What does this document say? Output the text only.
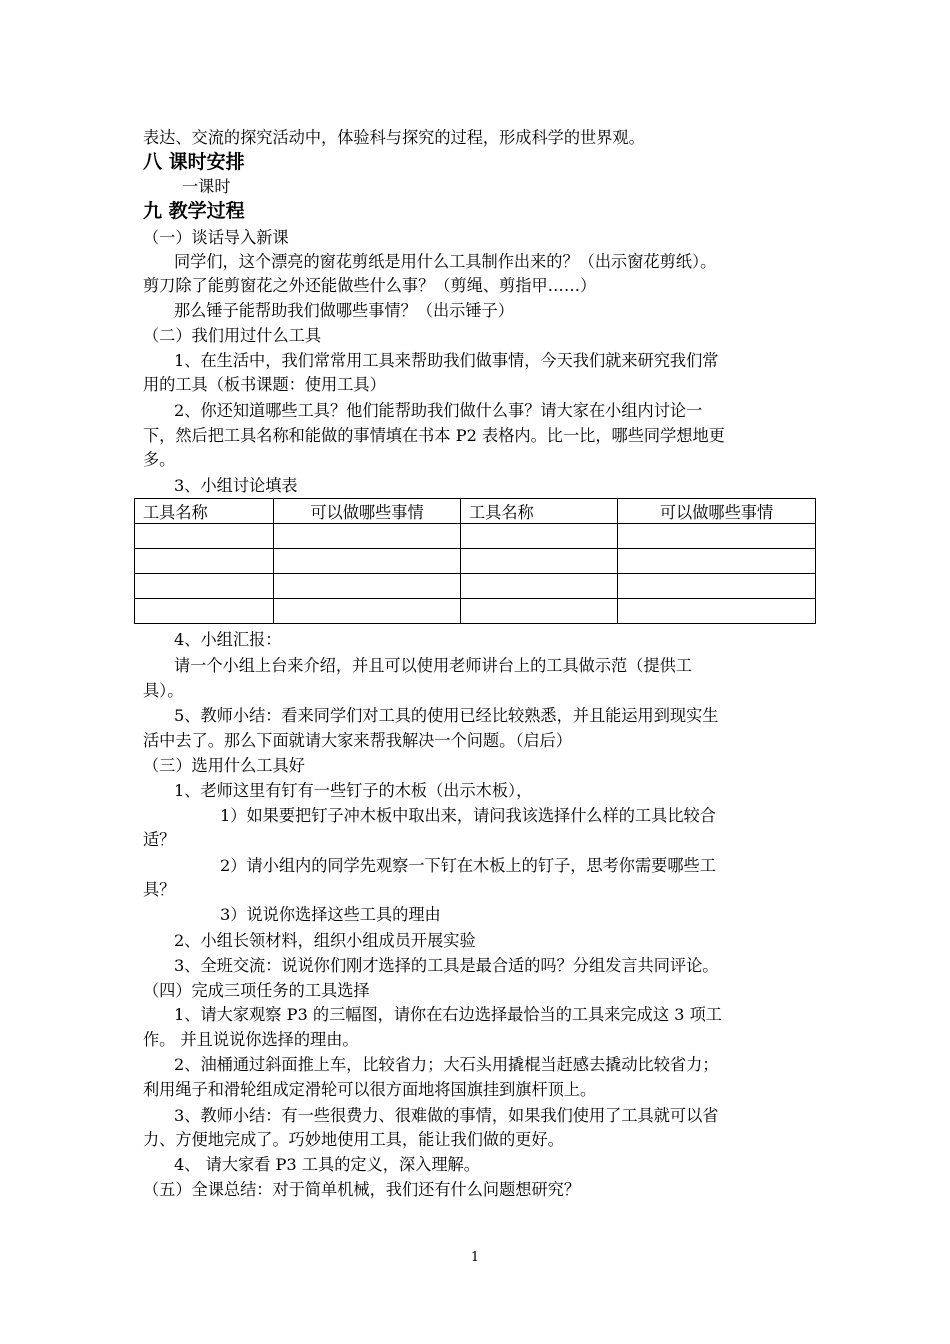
表达、交流的探究活动中，体验科与探究的过程，形成科学的世界观。
八 课时安排
一课时
九 教学过程
（一）谈话导入新课
同学们，这个漂亮的窗花剪纸是用什么工具制作出来的？（出示窗花剪纸）。
剪刀除了能剪窗花之外还能做些什么事？（剪绳、剪指甲……）
那么锤子能帮助我们做哪些事情？（出示锤子）
（二）我们用过什么工具
1、在生活中，我们常常用工具来帮助我们做事情，今天我们就来研究我们常
用的工具（板书课题：使用工具）
2、你还知道哪些工具？他们能帮助我们做什么事？请大家在小组内讨论一
下，然后把工具名称和能做的事情填在书本 P2 表格内。比一比，哪些同学想地更
多。
3、小组讨论填表
工具名称	可以做哪些事情	工具名称	可以做哪些事情

4、小组汇报：
请一个小组上台来介绍，并且可以使用老师讲台上的工具做示范（提供工
具）。
5、教师小结：看来同学们对工具的使用已经比较熟悉，并且能运用到现实生
活中去了。那么下面就请大家来帮我解决一个问题。（启后）
（三）选用什么工具好
1、老师这里有钉有一些钉子的木板（出示木板），
1）如果要把钉子冲木板中取出来，请问我该选择什么样的工具比较合
适？
2）请小组内的同学先观察一下钉在木板上的钉子，思考你需要哪些工
具？
3）说说你选择这些工具的理由
2、小组长领材料，组织小组成员开展实验
3、全班交流：说说你们刚才选择的工具是最合适的吗？分组发言共同评论。
（四）完成三项任务的工具选择
1、请大家观察 P3 的三幅图，请你在右边选择最恰当的工具来完成这 3 项工
作。 并且说说你选择的理由。
2、油桶通过斜面推上车，比较省力；大石头用撬棍当赶感去撬动比较省力；
利用绳子和滑轮组成定滑轮可以很方面地将国旗挂到旗杆顶上。
3、教师小结：有一些很费力、很难做的事情，如果我们使用了工具就可以省
力、方便地完成了。巧妙地使用工具，能让我们做的更好。
4、 请大家看 P3 工具的定义，深入理解。
（五）全课总结：对于简单机械，我们还有什么问题想研究？
1
